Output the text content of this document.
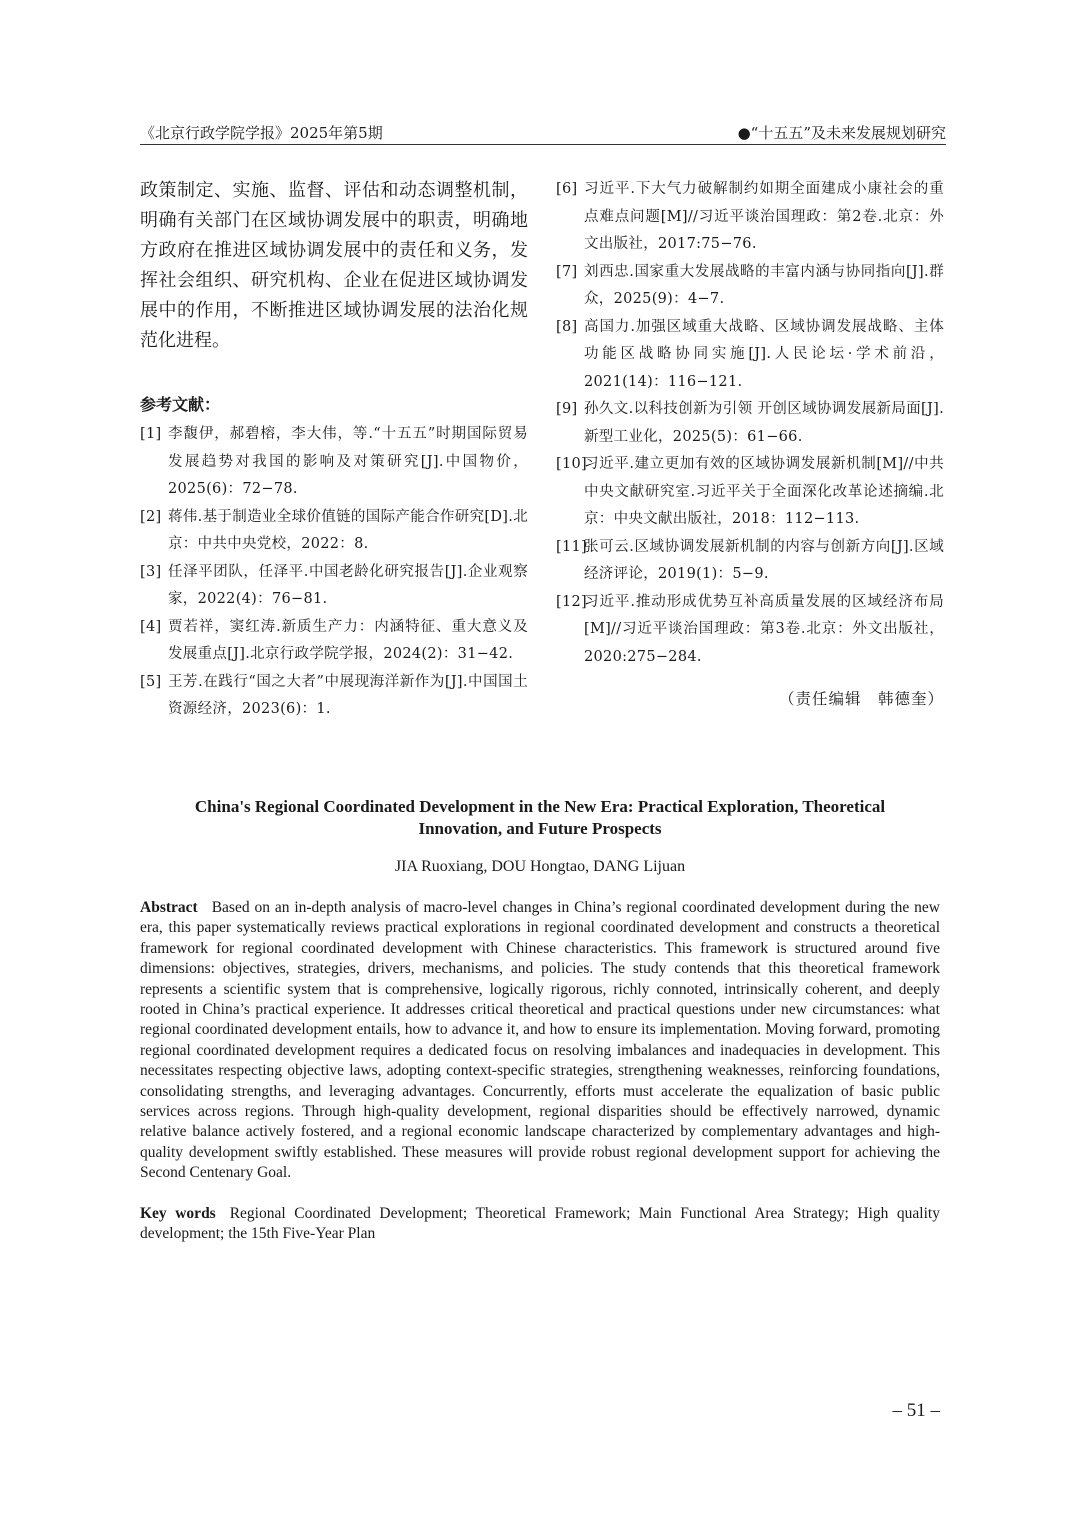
《北京行政学院学报》2025年第5期	●“十五五”及未来发展规划研究

政策制定、实施、监督、评估和动态调整机制，明确有关部门在区域协调发展中的职责，明确地方政府在推进区域协调发展中的责任和义务，发挥社会组织、研究机构、企业在促进区域协调发展中的作用，不断推进区域协调发展的法治化规范化进程。

参考文献：

[1] 李馥伊，郝碧榕，李大伟，等.“十五五”时期国际贸易发展趋势对我国的影响及对策研究[J].中国物价，2025(6)：72−78.

[2] 蒋伟.基于制造业全球价值链的国际产能合作研究[D].北京：中共中央党校，2022：8.

[3] 任泽平团队，任泽平.中国老龄化研究报告[J].企业观察家，2022(4)：76−81.

[4] 贾若祥，窦红涛.新质生产力：内涵特征、重大意义及发展重点[J].北京行政学院学报，2024(2)：31−42.

[5] 王芳.在践行“国之大者”中展现海洋新作为[J].中国国土资源经济，2023(6)：1.

[6] 习近平.下大气力破解制约如期全面建成小康社会的重点难点问题[M]//习近平谈治国理政：第2卷.北京：外文出版社，2017:75−76.

[7] 刘西忠.国家重大发展战略的丰富内涵与协同指向[J].群众，2025(9)：4−7.

[8] 高国力.加强区域重大战略、区域协调发展战略、主体功能区战略协同实施[J].人民论坛·学术前沿，2021(14)：116−121.

[9] 孙久文.以科技创新为引领 开创区域协调发展新局面[J].新型工业化，2025(5)：61−66.

[10]
习近平.建立更加有效的区域协调发展新机制[M]//中共中央文献研究室.习近平关于全面深化改革论述摘编.北京：中央文献出版社，2018：112−113.

[11]
张可云.区域协调发展新机制的内容与创新方向[J].区域经济评论，2019(1)：5−9.

[12]
习近平.推动形成优势互补高质量发展的区域经济布局[M]//习近平谈治国理政：第3卷.北京：外文出版社，2020:275−284.

（责任编辑　韩德奎）

China's Regional Coordinated Development in the New Era: Practical Exploration, Theoretical
Innovation, and Future Prospects

JIA Ruoxiang, DOU Hongtao, DANG Lijuan

Abstract Based on an in-depth analysis of macro-level changes in China’s regional coordinated development during the new era, this paper systematically reviews practical explorations in regional coordinated development and constructs a theoretical framework for regional coordinated development with Chinese characteristics. This framework is structured around five dimensions: objectives, strategies, drivers, mechanisms, and policies. The study contends that this theoretical framework represents a scientific system that is comprehensive, logically rigorous, richly connoted, intrinsically coherent, and deeply rooted in China’s practical experience. It addresses critical theoretical and practical questions under new circumstances: what regional coordinated development entails, how to advance it, and how to ensure its implementation. Moving forward, promoting regional coordinated development requires a dedicated focus on resolving imbalances and inadequacies in development. This necessitates respecting objective laws, adopting context-specific strategies, strengthening weaknesses, reinforcing foundations, consolidating strengths, and leveraging advantages. Concurrently, efforts must accelerate the equalization of basic public services across regions. Through high-quality development, regional disparities should be effectively narrowed, dynamic relative balance actively fostered, and a regional economic landscape characterized by complementary advantages and high-quality development swiftly established. These measures will provide robust regional development support for achieving the Second Centenary Goal.

Key words Regional Coordinated Development; Theoretical Framework; Main Functional Area Strategy; High quality development; the 15th Five-Year Plan

– 51 –
